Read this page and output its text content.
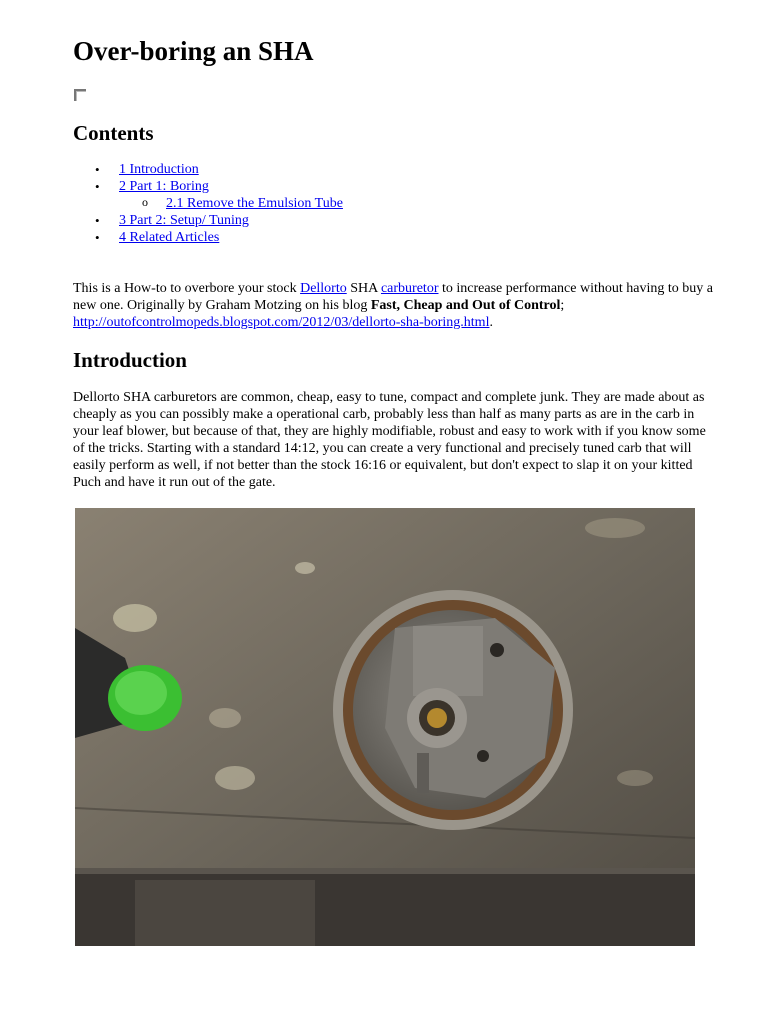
Over-boring an SHA
Contents
• 1 Introduction
• 2 Part 1: Boring
o 2.1 Remove the Emulsion Tube
• 3 Part 2: Setup/ Tuning
• 4 Related Articles

This is a How-to to overbore your stock Dellorto SHA carburetor to increase performance without having to buy a new one. Originally by Graham Motzing on his blog Fast, Cheap and Out of Control; http://outofcontrolmopeds.blogspot.com/2012/03/dellorto-sha-boring.html.

Introduction

Dellorto SHA carburetors are common, cheap, easy to tune, compact and complete junk. They are made about as cheaply as you can possibly make a operational carb, probably less than half as many parts as are in the carb in your leaf blower, but because of that, they are highly modifiable, robust and easy to work with if you know some of the tricks. Starting with a standard 14:12, you can create a very functional and precisely tuned carb that will easily perform as well, if not better than the stock 16:16 or equivalent, but don't expect to slap it on your kitted Puch and have it run out of the gate.
